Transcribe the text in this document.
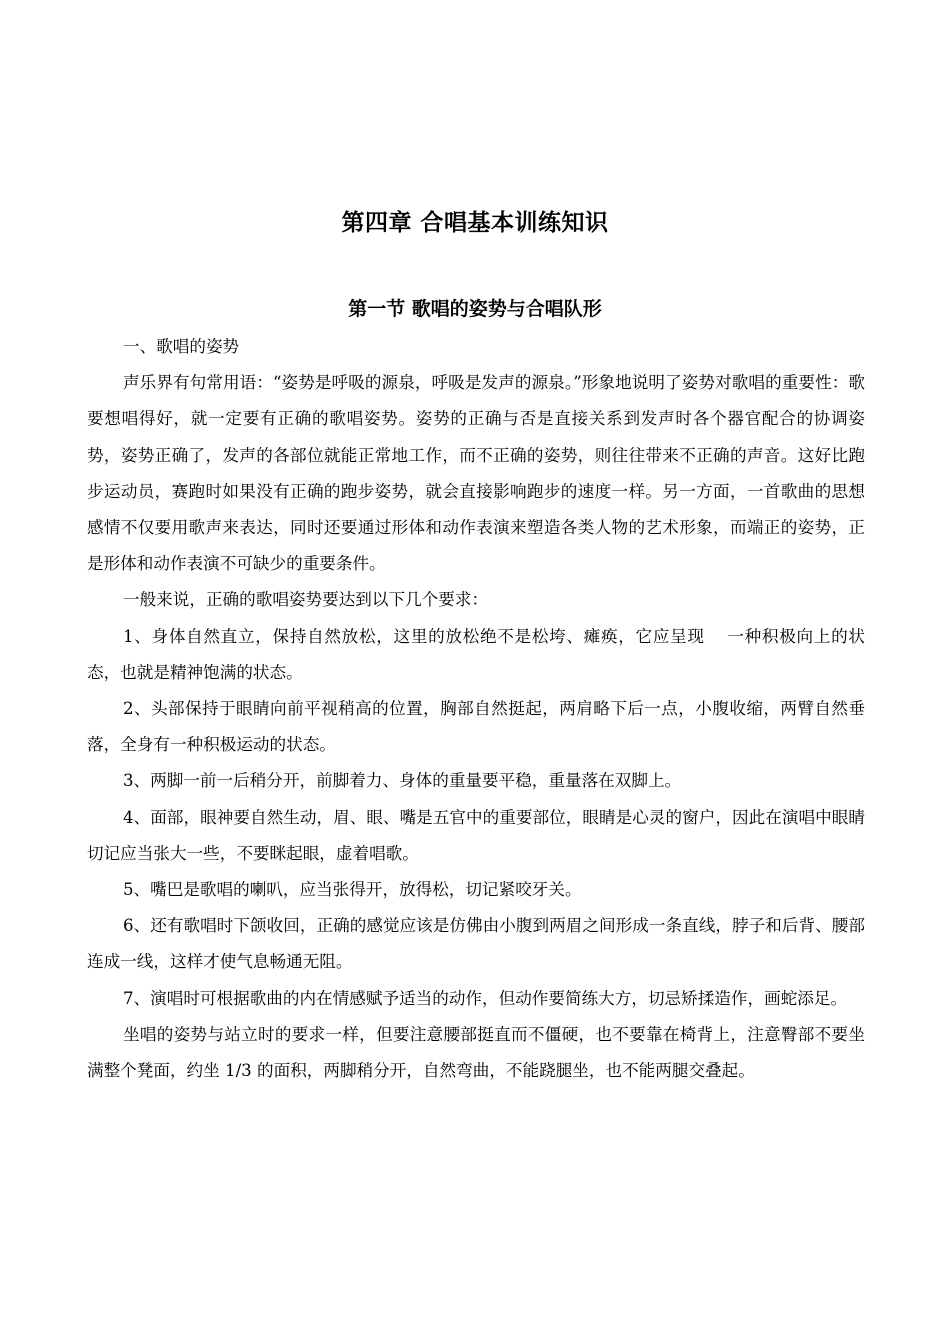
第四章 合唱基本训练知识
第一节 歌唱的姿势与合唱队形

一、歌唱的姿势

声乐界有句常用语：“姿势是呼吸的源泉，呼吸是发声的源泉。”形象地说明了姿势对歌唱的重要性：歌要想唱得好，就一定要有正确的歌唱姿势。姿势的正确与否是直接关系到发声时各个器官配合的协调姿势，姿势正确了，发声的各部位就能正常地工作，而不正确的姿势，则往往带来不正确的声音。这好比跑步运动员，赛跑时如果没有正确的跑步姿势，就会直接影响跑步的速度一样。另一方面，一首歌曲的思想感情不仅要用歌声来表达，同时还要通过形体和动作表演来塑造各类人物的艺术形象，而端正的姿势，正是形体和动作表演不可缺少的重要条件。

一般来说，正确的歌唱姿势要达到以下几个要求：

1、身体自然直立，保持自然放松，这里的放松绝不是松垮、瘫痪，它应呈现 一种积极向上的状态，也就是精神饱满的状态。

2、头部保持于眼睛向前平视稍高的位置，胸部自然挺起，两肩略下后一点，小腹收缩，两臂自然垂落，全身有一种积极运动的状态。

3、两脚一前一后稍分开，前脚着力、身体的重量要平稳，重量落在双脚上。

4、面部，眼神要自然生动，眉、眼、嘴是五官中的重要部位，眼睛是心灵的窗户，因此在演唱中眼睛切记应当张大一些，不要眯起眼，虚着唱歌。

5、嘴巴是歌唱的喇叭，应当张得开，放得松，切记紧咬牙关。

6、还有歌唱时下颌收回，正确的感觉应该是仿佛由小腹到两眉之间形成一条直线，脖子和后背、腰部连成一线，这样才使气息畅通无阻。

7、演唱时可根据歌曲的内在情感赋予适当的动作，但动作要简练大方，切忌矫揉造作，画蛇添足。

坐唱的姿势与站立时的要求一样，但要注意腰部挺直而不僵硬，也不要靠在椅背上，注意臀部不要坐满整个凳面，约坐 1/3 的面积，两脚稍分开，自然弯曲，不能跷腿坐，也不能两腿交叠起。
